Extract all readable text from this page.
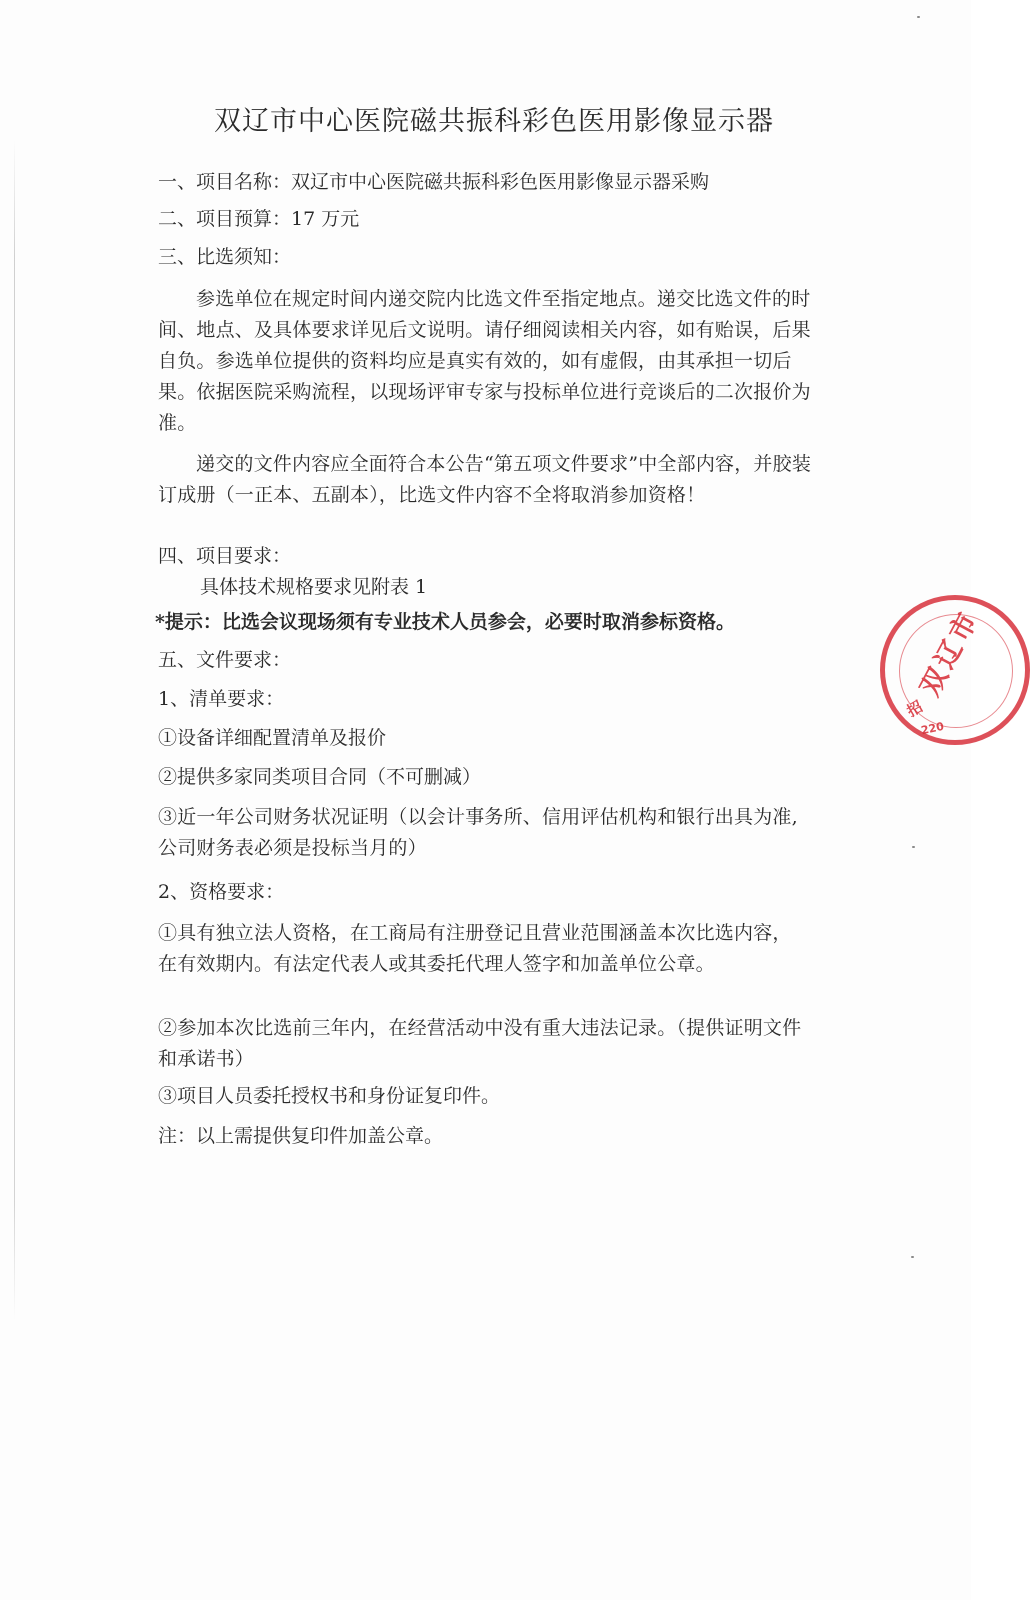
双辽市中心医院磁共振科彩色医用影像显示器

一、项目名称：双辽市中心医院磁共振科彩色医用影像显示器采购

二、项目预算：17 万元

三、比选须知：

参选单位在规定时间内递交院内比选文件至指定地点。递交比选文件的时间、地点、及具体要求详见后文说明。请仔细阅读相关内容，如有贻误，后果自负。参选单位提供的资料均应是真实有效的，如有虚假，由其承担一切后果。依据医院采购流程，以现场评审专家与投标单位进行竞谈后的二次报价为准。

递交的文件内容应全面符合本公告“第五项文件要求”中全部内容，并胶装订成册（一正本、五副本），比选文件内容不全将取消参加资格！

四、项目要求：

具体技术规格要求见附表 1

*提示：比选会议现场须有专业技术人员参会，必要时取消参标资格。

五、文件要求：

1、清单要求：

①设备详细配置清单及报价

②提供多家同类项目合同（不可删减）

③近一年公司财务状况证明（以会计事务所、信用评估机构和银行出具为准,公司财务表必须是投标当月的）

2、资格要求：

①具有独立法人资格，在工商局有注册登记且营业范围涵盖本次比选内容，在有效期内。有法定代表人或其委托代理人签字和加盖单位公章。

②参加本次比选前三年内，在经营活动中没有重大违法记录。（提供证明文件和承诺书）

③项目人员委托授权书和身份证复印件。

注：以上需提供复印件加盖公章。

双辽市
招
220
